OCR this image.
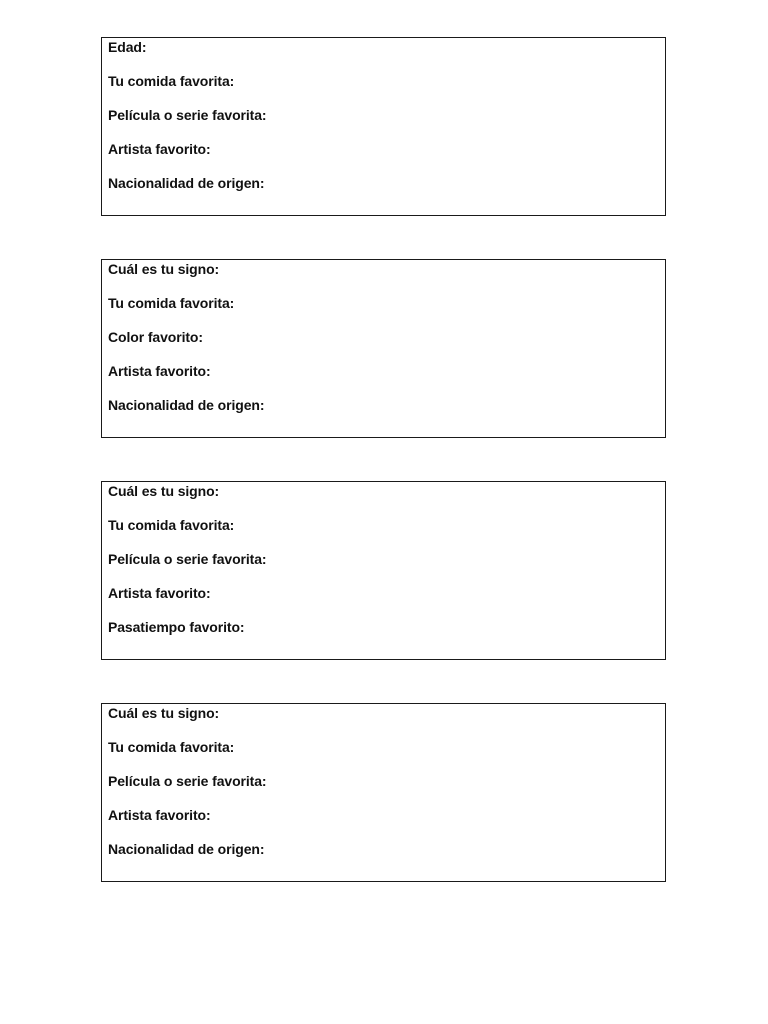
Edad:
Tu comida favorita:
Película o serie favorita:
Artista favorito:
Nacionalidad de origen:
Cuál es tu signo:
Tu comida favorita:
Color favorito:
Artista favorito:
Nacionalidad de origen:
Cuál es tu signo:
Tu comida favorita:
Película o serie favorita:
Artista favorito:
Pasatiempo favorito:
Cuál es tu signo:
Tu comida favorita:
Película o serie favorita:
Artista favorito:
Nacionalidad de origen:
